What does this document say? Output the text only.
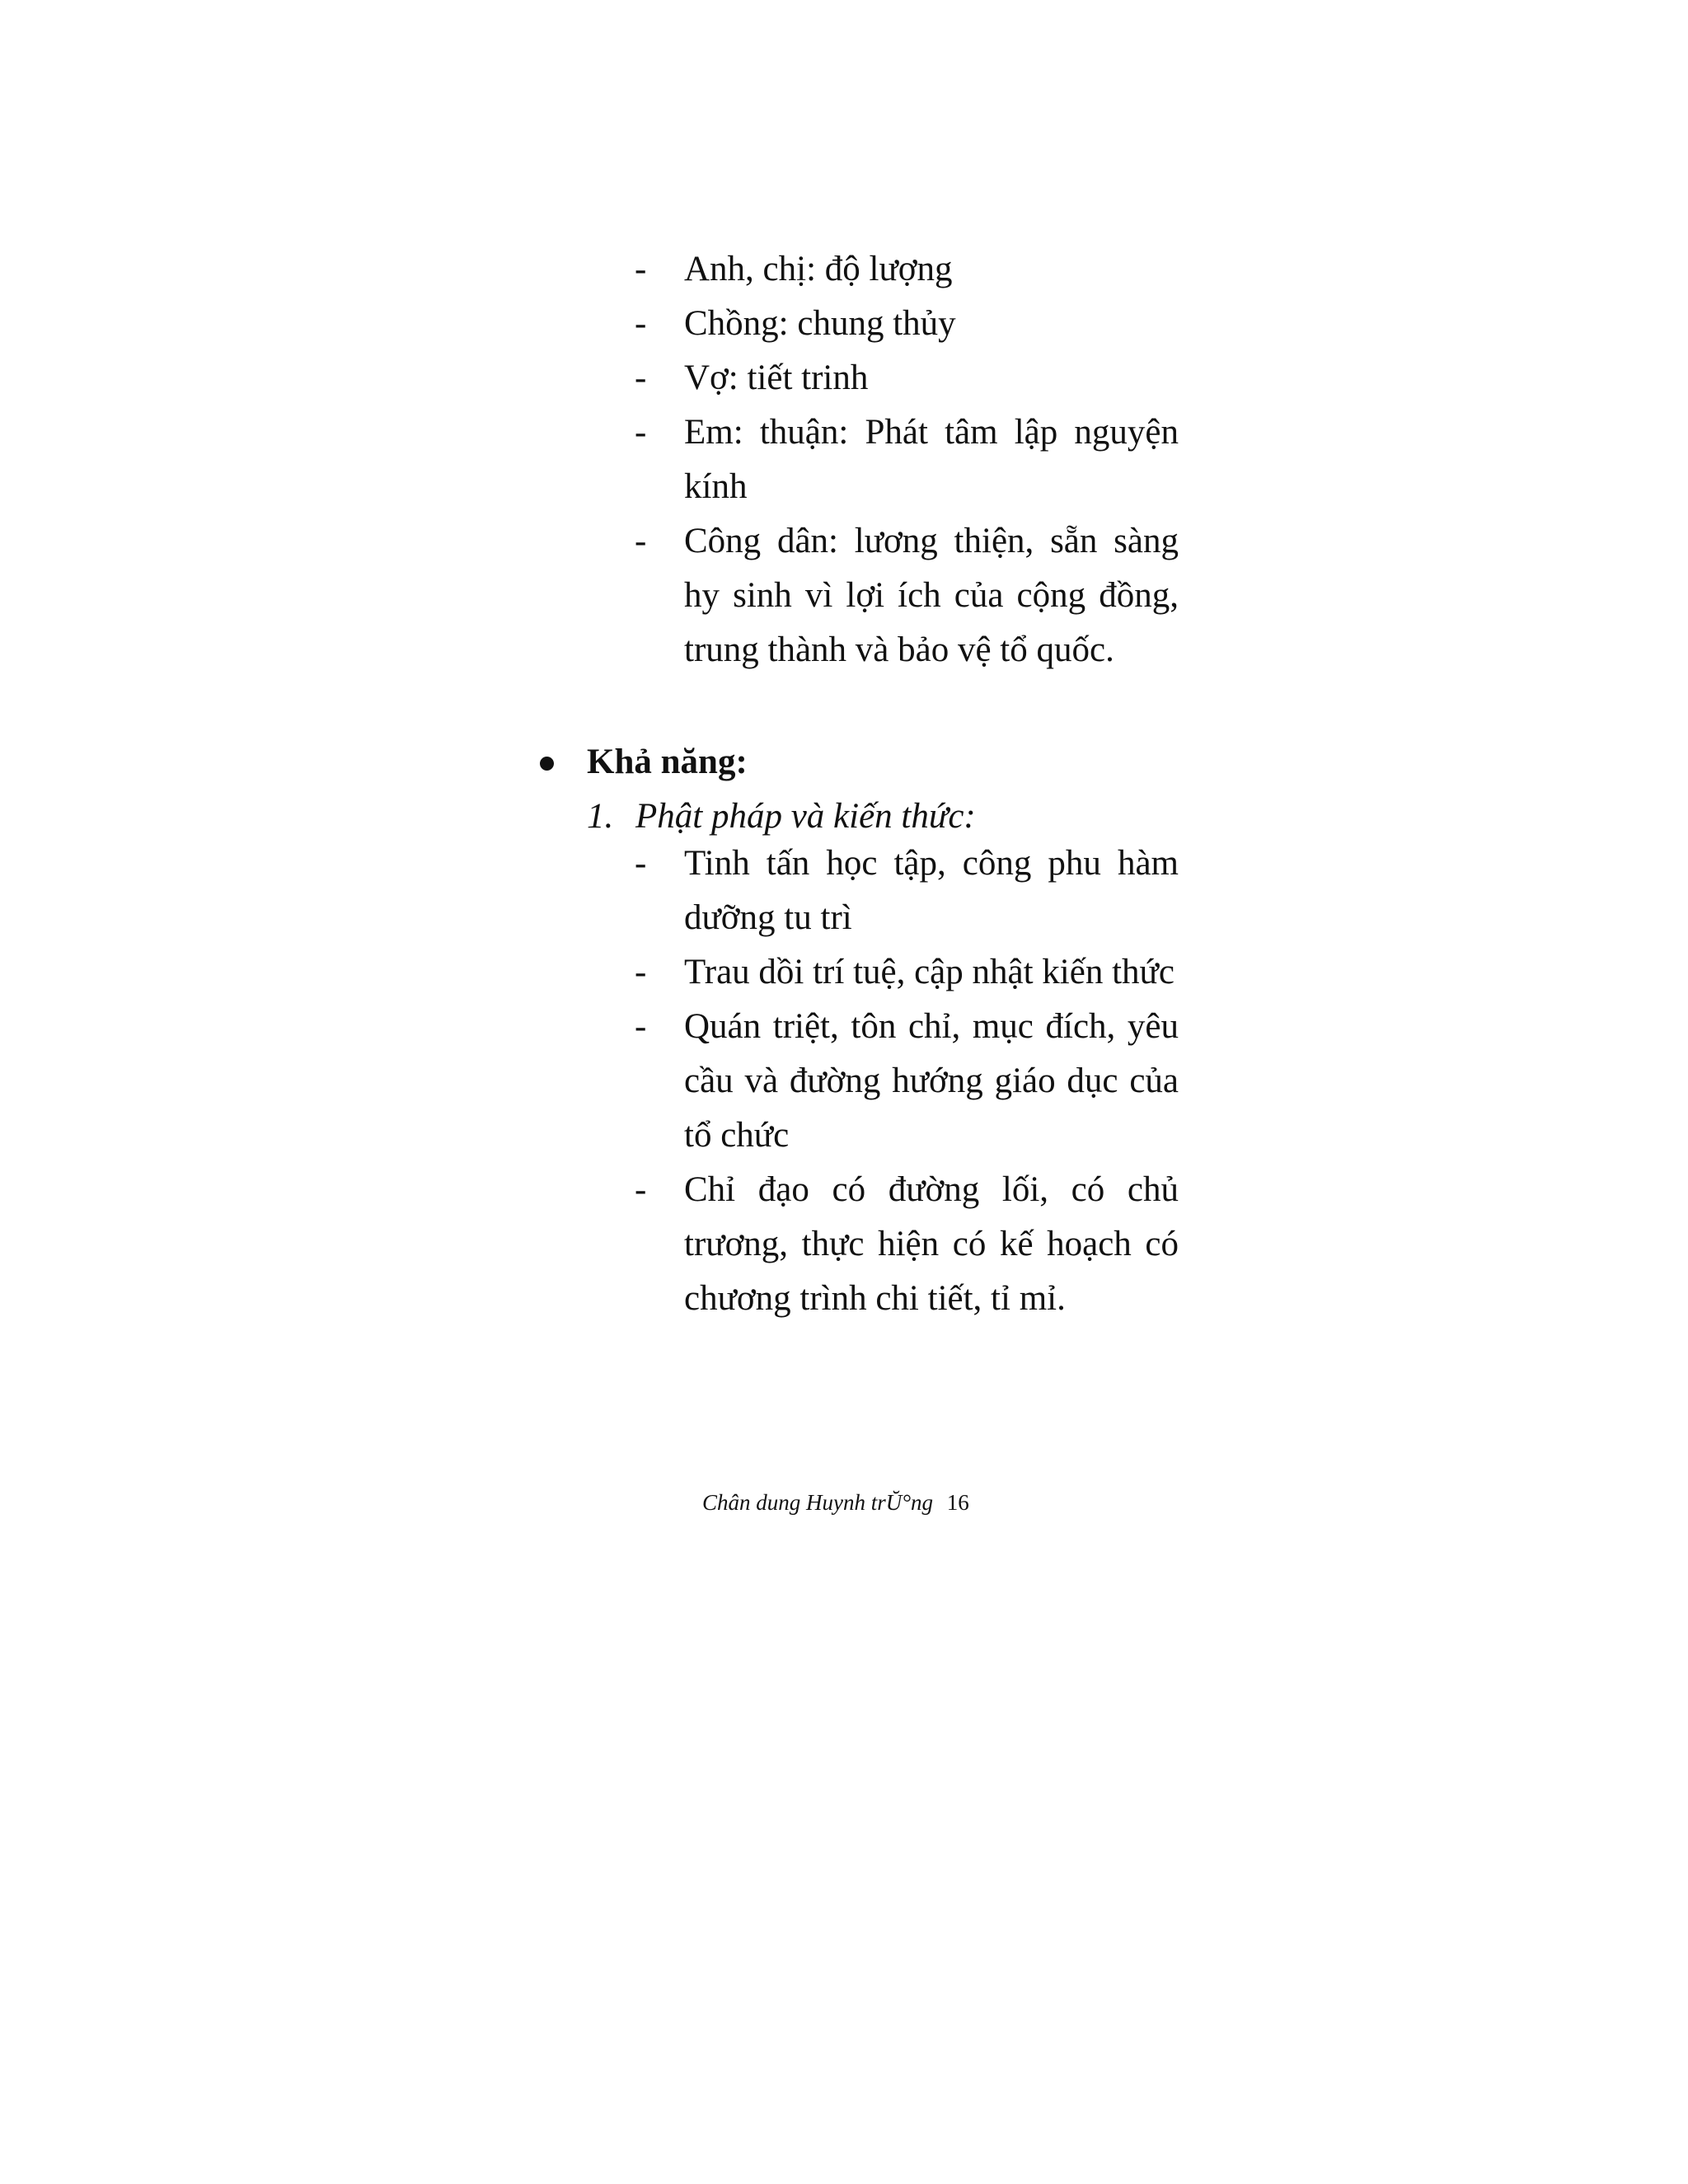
-	Anh, chị: độ lượng
-	Chồng: chung thủy
-	Vợ: tiết trinh
-	Em: thuận: Phát tâm lập nguyện kính
-	Công dân: lương thiện, sẵn sàng hy sinh vì lợi ích của cộng đồng, trung thành và bảo vệ tổ quốc.
Khả năng:
1. Phật pháp và kiến thức:
-	Tinh tấn học tập, công phu hàm dưỡng tu trì
-	Trau dồi trí tuệ, cập nhật kiến thức
-	Quán triệt, tôn chỉ, mục đích, yêu cầu và đường hướng giáo dục của tổ chức
-	Chỉ đạo có đường lối, có chủ trương, thực hiện có kế hoạch có chương trình chi tiết, tỉ mỉ.
Chân dung Huynh trŬ°ng 16
